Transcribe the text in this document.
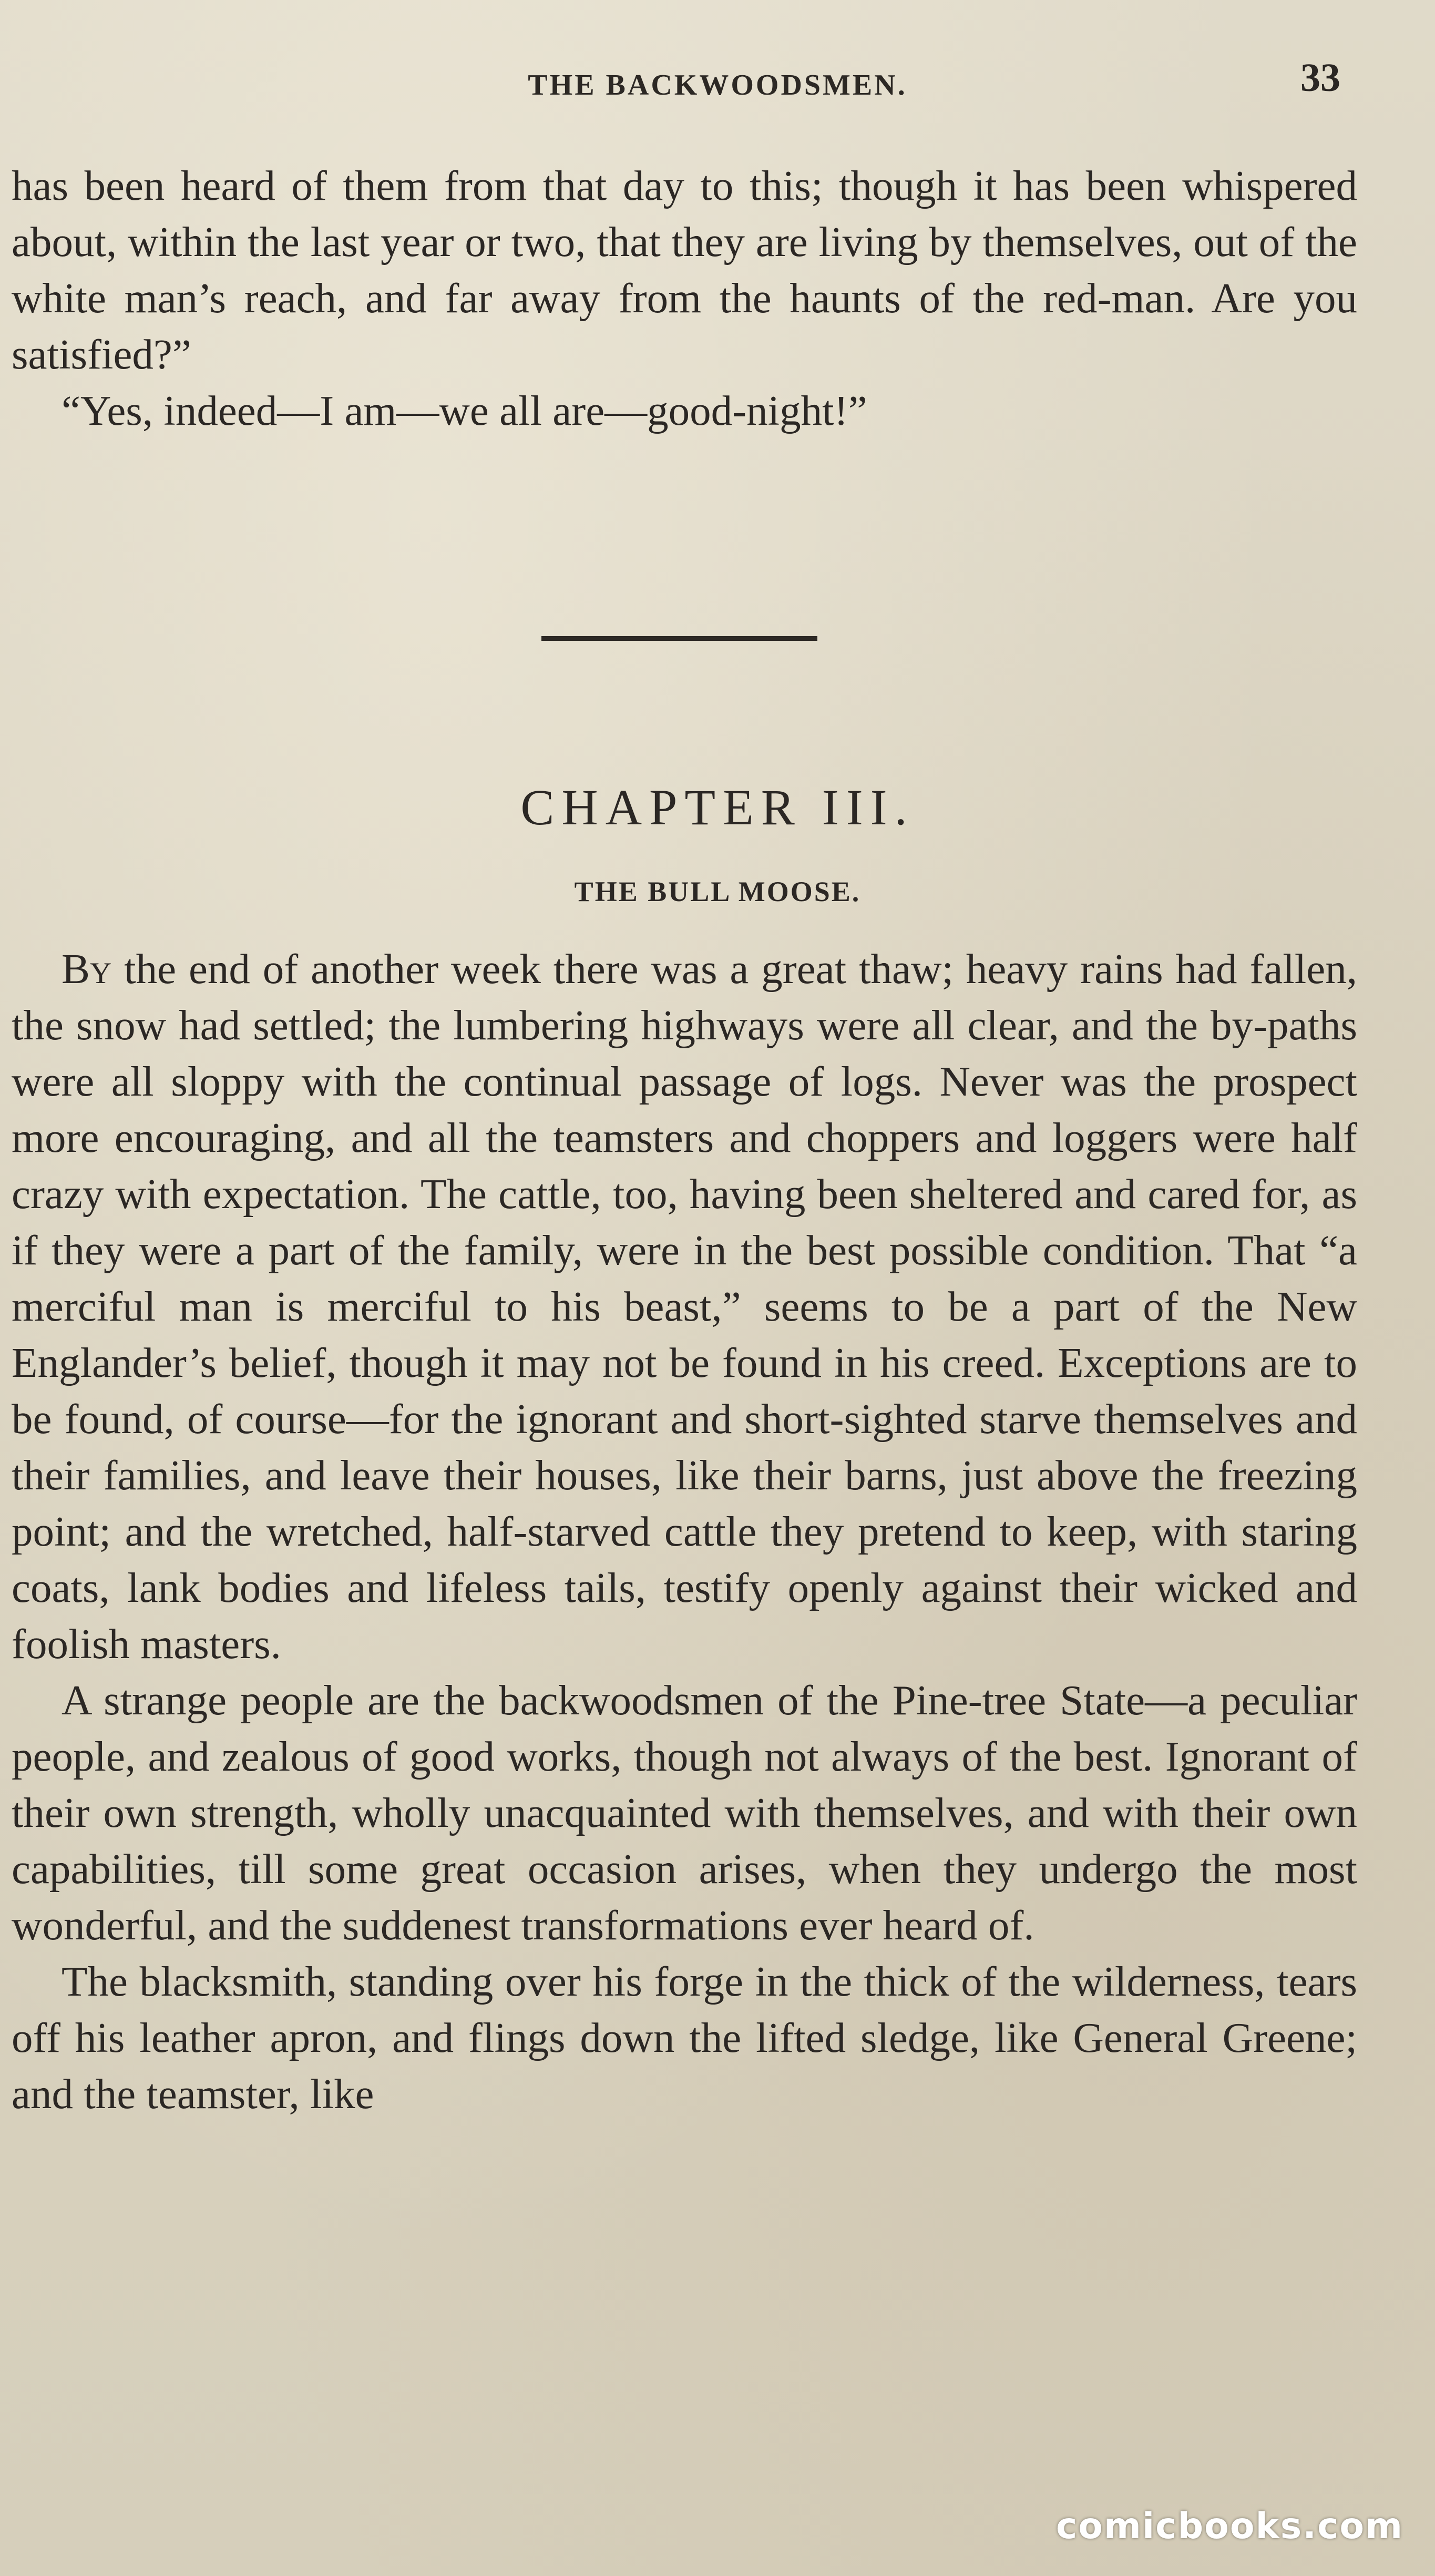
THE BACKWOODSMEN.	33

has been heard of them from that day to this; though it has been whispered about, within the last year or two, that they are living by themselves, out of the white man’s reach, and far away from the haunts of the red-man. Are you satisfied?”

“Yes, indeed—I am—we all are—good-night!”

CHAPTER III.
THE BULL MOOSE.

By the end of another week there was a great thaw; heavy rains had fallen, the snow had settled; the lumbering highways were all clear, and the by-paths were all sloppy with the continual passage of logs. Never was the prospect more encouraging, and all the teamsters and choppers and loggers were half crazy with expectation. The cattle, too, having been sheltered and cared for, as if they were a part of the family, were in the best possible condition. That “a merciful man is merciful to his beast,” seems to be a part of the New Englander’s belief, though it may not be found in his creed. Exceptions are to be found, of course—for the ignorant and short-sighted starve themselves and their families, and leave their houses, like their barns, just above the freezing point; and the wretched, half-starved cattle they pretend to keep, with staring coats, lank bodies and lifeless tails, testify openly against their wicked and foolish masters.

A strange people are the backwoodsmen of the Pine-tree State—a peculiar people, and zealous of good works, though not always of the best. Ignorant of their own strength, wholly unacquainted with themselves, and with their own capabilities, till some great occasion arises, when they undergo the most wonderful, and the suddenest transformations ever heard of.

The blacksmith, standing over his forge in the thick of the wilderness, tears off his leather apron, and flings down the lifted sledge, like General Greene; and the teamster, like

comicbooks.com
